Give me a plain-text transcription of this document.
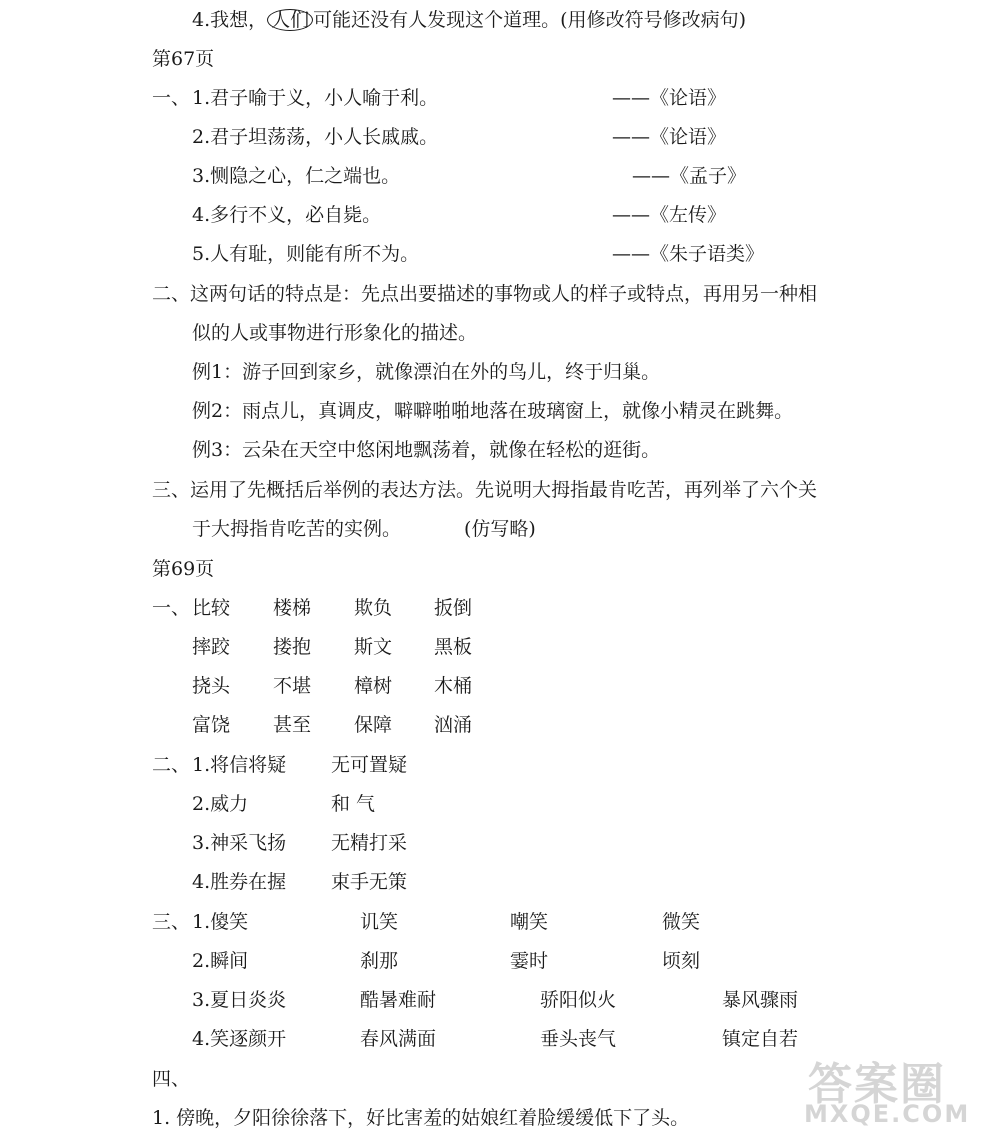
4.我想， 人们 可能还没有人发现这个道理。(用修改符号修改病句)
第67页
一、 1.君子喻于义，小人喻于利。	——《论语》
2.君子坦荡荡，小人长戚戚。	——《论语》
3.恻隐之心，仁之端也。	——《孟子》
4.多行不义，必自毙。	——《左传》
5.人有耻，则能有所不为。	——《朱子语类》
二、这两句话的特点是：先点出要描述的事物或人的样子或特点，再用另一种相
似的人或事物进行形象化的描述。
例1：游子回到家乡，就像漂泊在外的鸟儿，终于归巢。
例2：雨点儿，真调皮，噼噼啪啪地落在玻璃窗上，就像小精灵在跳舞。
例3：云朵在天空中悠闲地飘荡着，就像在轻松的逛街。
三、运用了先概括后举例的表达方法。先说明大拇指最肯吃苦，再列举了六个关
于大拇指肯吃苦的实例。	(仿写略)
第69页
一、 比较 楼梯 欺负 扳倒
摔跤 搂抱 斯文 黑板
挠头 不堪 樟树 木桶
富饶 甚至 保障 汹涌
二、 1.将信将疑 无可置疑
2.威力	和 气
3.神采飞扬 无精打采
4.胜券在握 束手无策
三、 1.傻笑	讥笑	嘲笑	微笑
2.瞬间	刹那	霎时	顷刻
3.夏日炎炎	酷暑难耐	骄阳似火	暴风骤雨
4.笑逐颜开	春风满面	垂头丧气	镇定自若
四、
1. 傍晚，夕阳徐徐落下，好比害羞的姑娘红着脸缓缓低下了头。
答案圈
MXQE.COM
